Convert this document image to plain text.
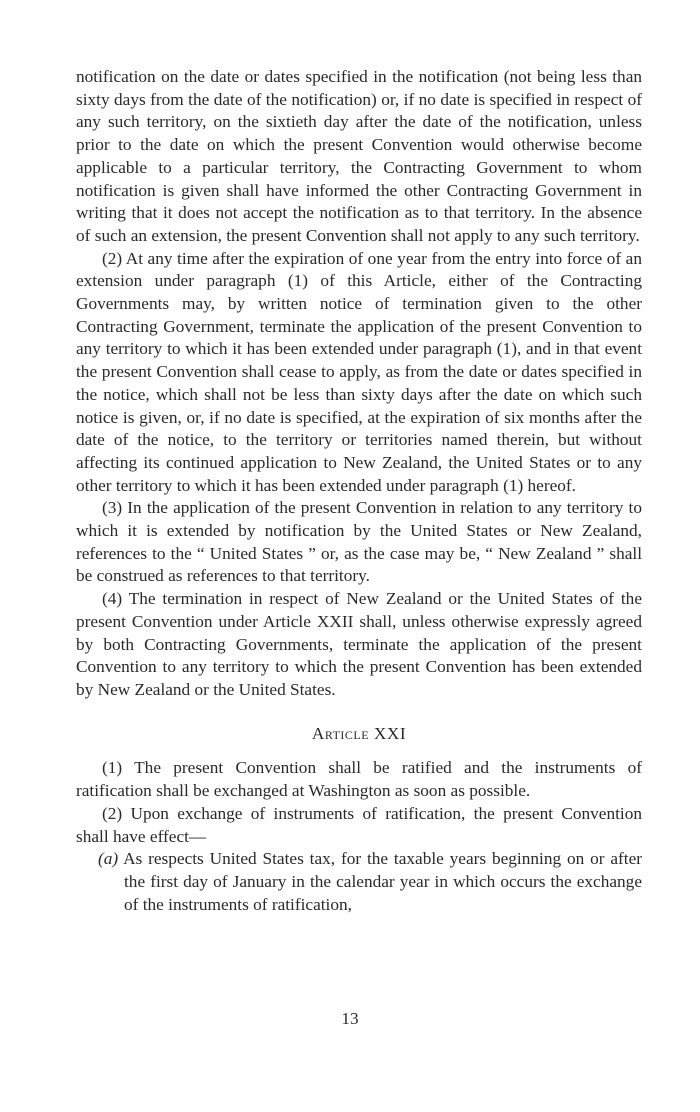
notification on the date or dates specified in the notification (not being less than sixty days from the date of the notification) or, if no date is specified in respect of any such territory, on the sixtieth day after the date of the notification, unless prior to the date on which the present Convention would otherwise become applicable to a particular territory, the Contracting Government to whom notification is given shall have informed the other Contracting Government in writing that it does not accept the notification as to that territory. In the absence of such an extension, the present Convention shall not apply to any such territory.

(2) At any time after the expiration of one year from the entry into force of an extension under paragraph (1) of this Article, either of the Contracting Governments may, by written notice of termination given to the other Contracting Government, terminate the application of the present Convention to any territory to which it has been extended under paragraph (1), and in that event the present Convention shall cease to apply, as from the date or dates specified in the notice, which shall not be less than sixty days after the date on which such notice is given, or, if no date is specified, at the expiration of six months after the date of the notice, to the territory or territories named therein, but without affecting its continued application to New Zealand, the United States or to any other territory to which it has been extended under paragraph (1) hereof.

(3) In the application of the present Convention in relation to any territory to which it is extended by notification by the United States or New Zealand, references to the “ United States ” or, as the case may be, “ New Zealand ” shall be construed as references to that territory.

(4) The termination in respect of New Zealand or the United States of the present Convention under Article XXII shall, unless otherwise expressly agreed by both Contracting Governments, terminate the application of the present Convention to any territory to which the present Convention has been extended by New Zealand or the United States.

Article XXI

(1) The present Convention shall be ratified and the instruments of ratification shall be exchanged at Washington as soon as possible.

(2) Upon exchange of instruments of ratification, the present Convention shall have effect—

(a) As respects United States tax, for the taxable years beginning on or after the first day of January in the calendar year in which occurs the exchange of the instruments of ratification,

13
